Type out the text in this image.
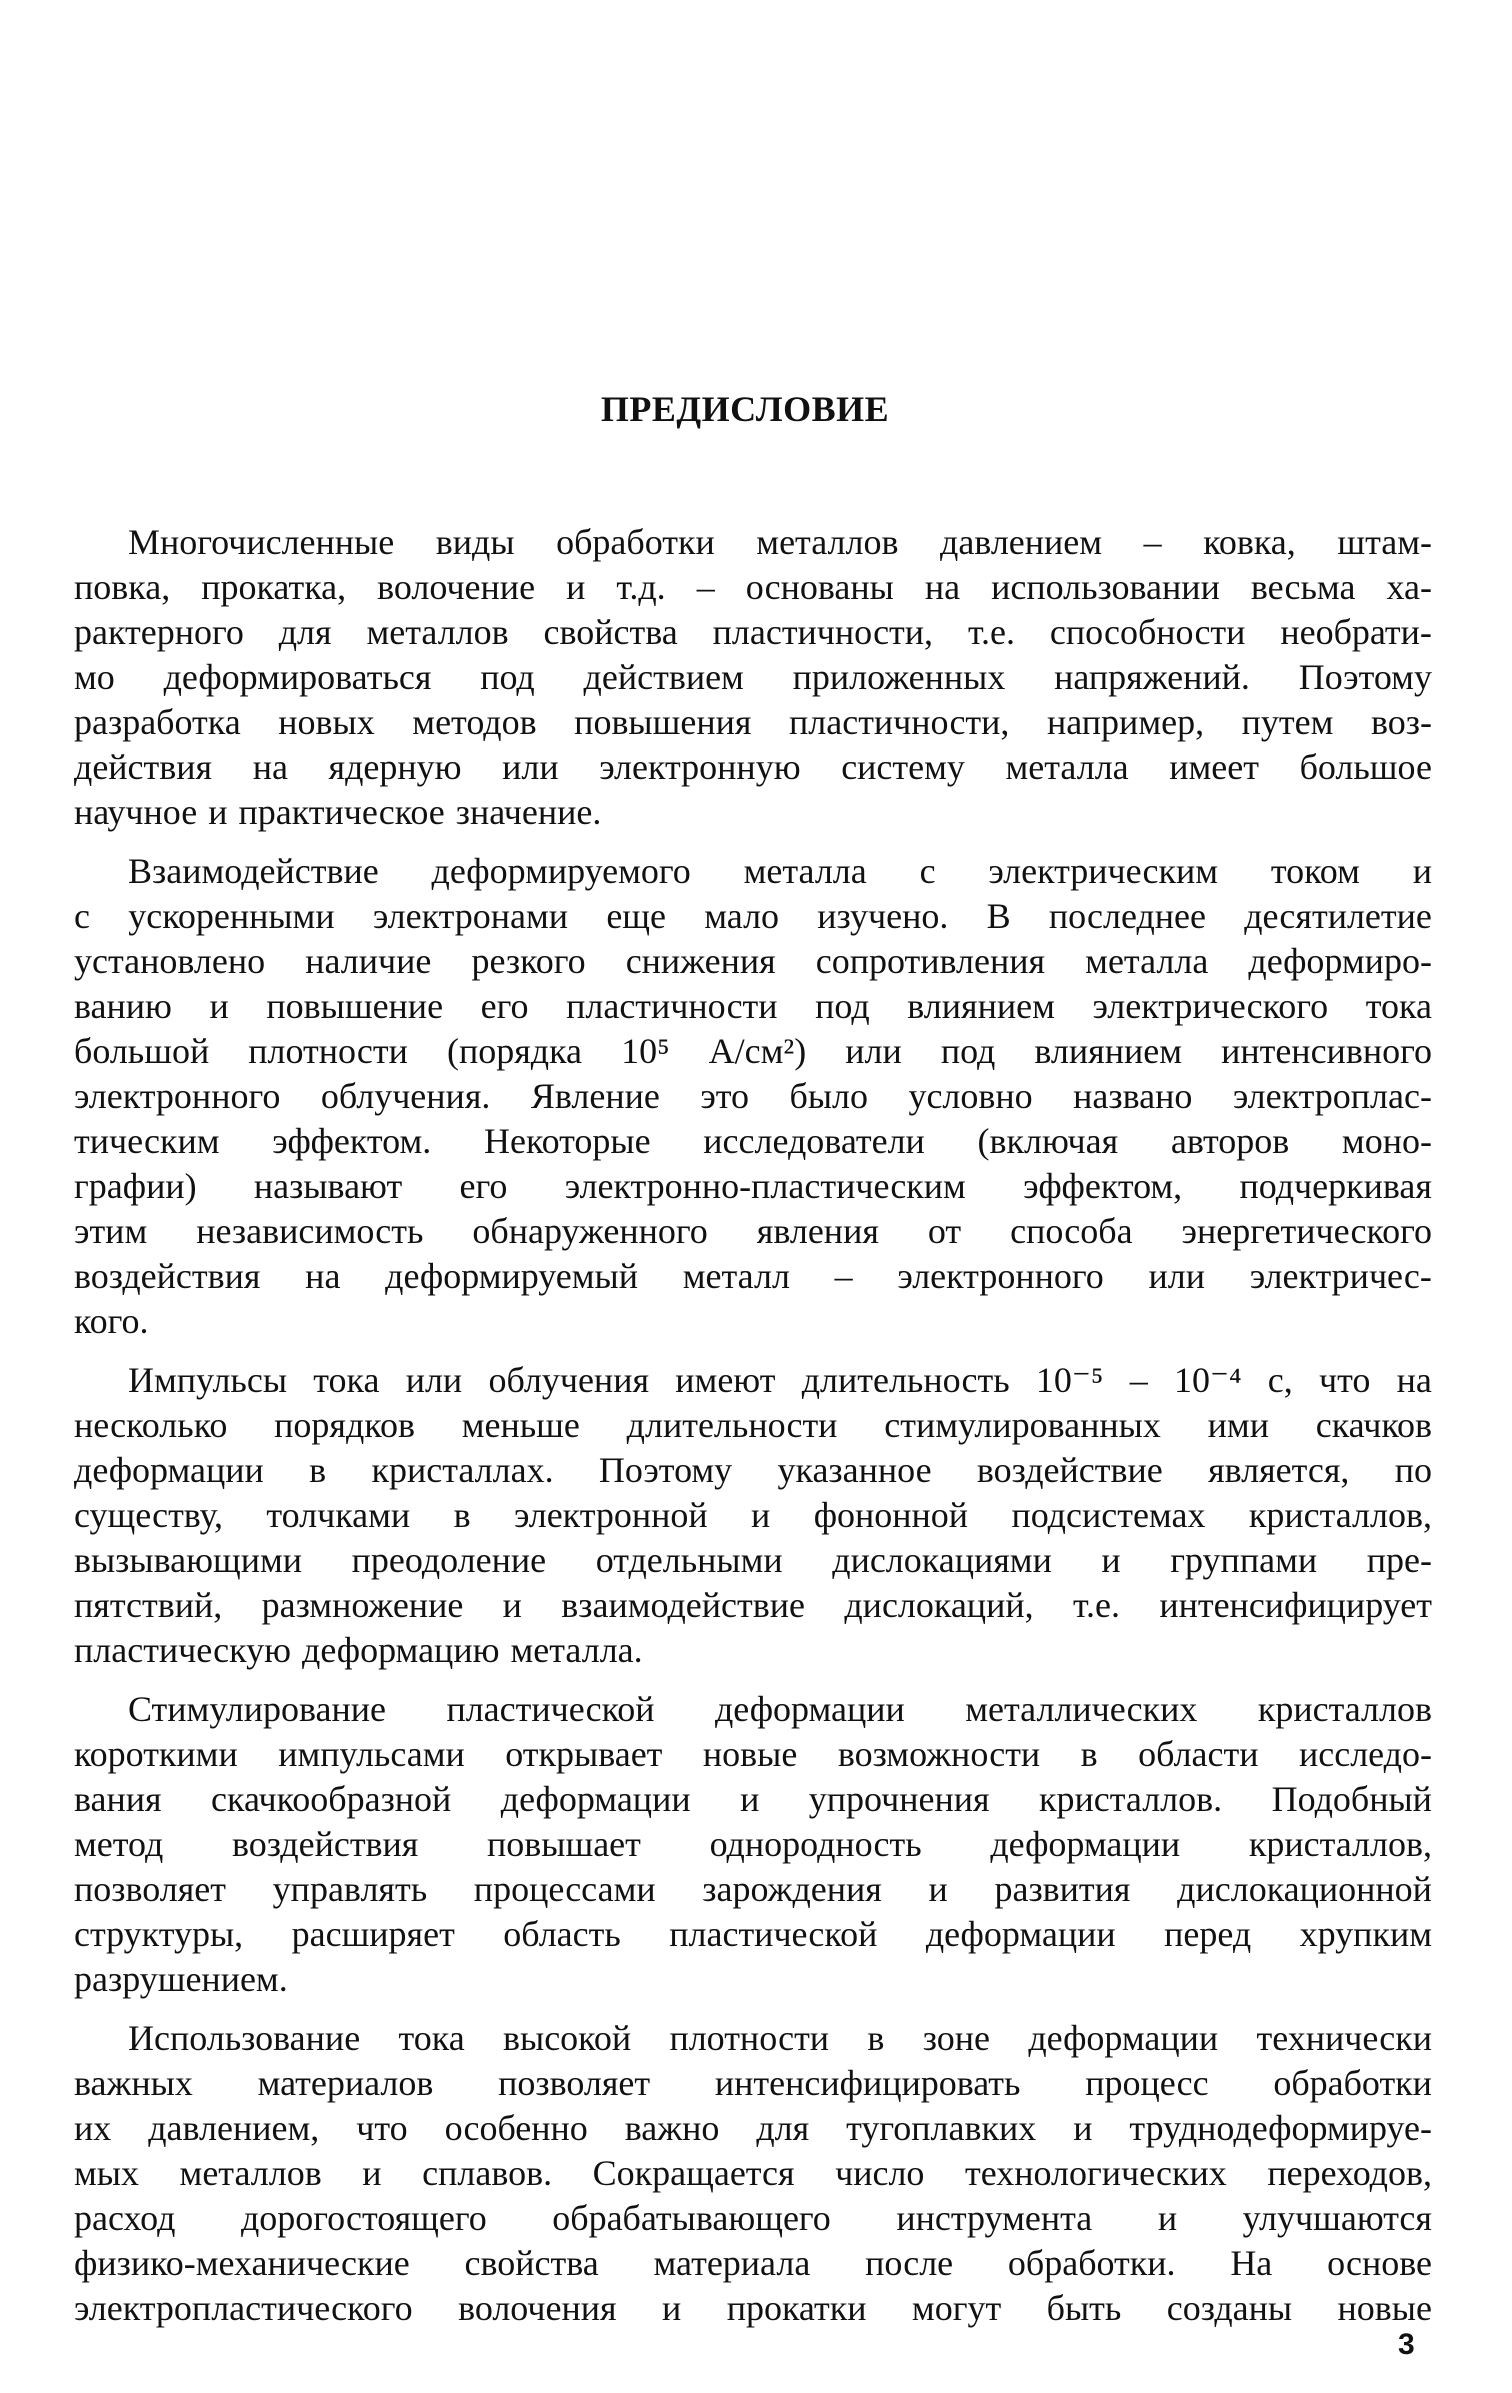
ПРЕДИСЛОВИЕ
Многочисленные виды обработки металлов давлением – ковка, штам-
повка, прокатка, волочение и т.д. – основаны на использовании весьма ха-
рактерного для металлов свойства пластичности, т.е. способности необрати-
мо деформироваться под действием приложенных напряжений. Поэтому
разработка новых методов повышения пластичности, например, путем воз-
действия на ядерную или электронную систему металла имеет большое
научное и практическое значение.
Взаимодействие деформируемого металла с электрическим током и
с ускоренными электронами еще мало изучено. В последнее десятилетие
установлено наличие резкого снижения сопротивления металла деформиро-
ванию и повышение его пластичности под влиянием электрического тока
большой плотности (порядка 10⁵ А/см²) или под влиянием интенсивного
электронного облучения. Явление это было условно названо электроплас-
тическим эффектом. Некоторые исследователи (включая авторов моно-
графии) называют его электронно-пластическим эффектом, подчеркивая
этим независимость обнаруженного явления от способа энергетического
воздействия на деформируемый металл – электронного или электричес-
кого.
Импульсы тока или облучения имеют длительность 10⁻⁵ – 10⁻⁴ с, что на
несколько порядков меньше длительности стимулированных ими скачков
деформации в кристаллах. Поэтому указанное воздействие является, по
существу, толчками в электронной и фононной подсистемах кристаллов,
вызывающими преодоление отдельными дислокациями и группами пре-
пятствий, размножение и взаимодействие дислокаций, т.е. интенсифицирует
пластическую деформацию металла.
Стимулирование пластической деформации металлических кристаллов
короткими импульсами открывает новые возможности в области исследо-
вания скачкообразной деформации и упрочнения кристаллов. Подобный
метод воздействия повышает однородность деформации кристаллов,
позволяет управлять процессами зарождения и развития дислокационной
структуры, расширяет область пластической деформации перед хрупким
разрушением.
Использование тока высокой плотности в зоне деформации технически
важных материалов позволяет интенсифицировать процесс обработки
их давлением, что особенно важно для тугоплавких и труднодеформируе-
мых металлов и сплавов. Сокращается число технологических переходов,
расход дорогостоящего обрабатывающего инструмента и улучшаются
физико-механические свойства материала после обработки. На основе
электропластического волочения и прокатки могут быть созданы новые
3
